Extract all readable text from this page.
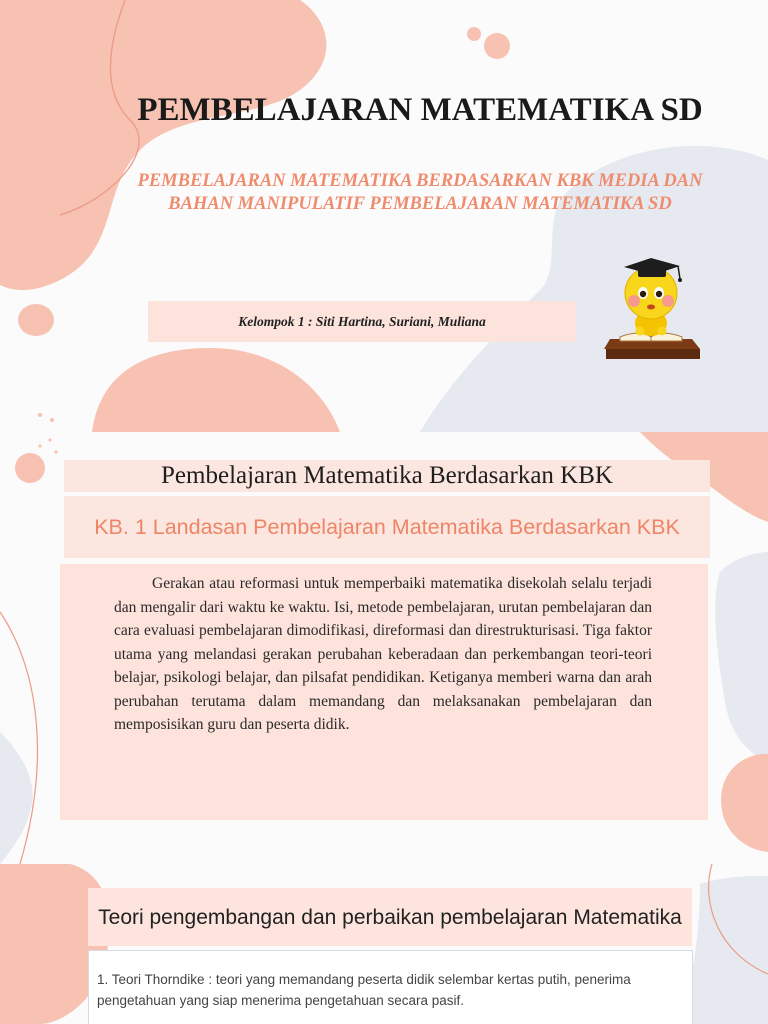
PEMBELAJARAN MATEMATIKA SD
PEMBELAJARAN MATEMATIKA BERDASARKAN KBK MEDIA DAN BAHAN MANIPULATIF PEMBELAJARAN MATEMATIKA SD
Kelompok 1 : Siti Hartina, Suriani, Muliana
Pembelajaran Matematika Berdasarkan KBK
KB. 1 Landasan Pembelajaran Matematika Berdasarkan KBK

Gerakan atau reformasi untuk memperbaiki matematika disekolah selalu terjadi dan mengalir dari waktu ke waktu. Isi, metode pembelajaran, urutan pembelajaran dan cara evaluasi pembelajaran dimodifikasi, direformasi dan direstrukturisasi. Tiga faktor utama yang melandasi gerakan perubahan keberadaan dan perkembangan teori-teori belajar, psikologi belajar, dan pilsafat pendidikan. Ketiganya memberi warna dan arah perubahan terutama dalam memandang dan melaksanakan pembelajaran dan memposisikan guru dan peserta didik.

Teori pengembangan dan perbaikan pembelajaran Matematika

1. Teori Thorndike : teori yang memandang peserta didik selembar kertas putih, penerima pengetahuan yang siap menerima pengetahuan secara pasif.
